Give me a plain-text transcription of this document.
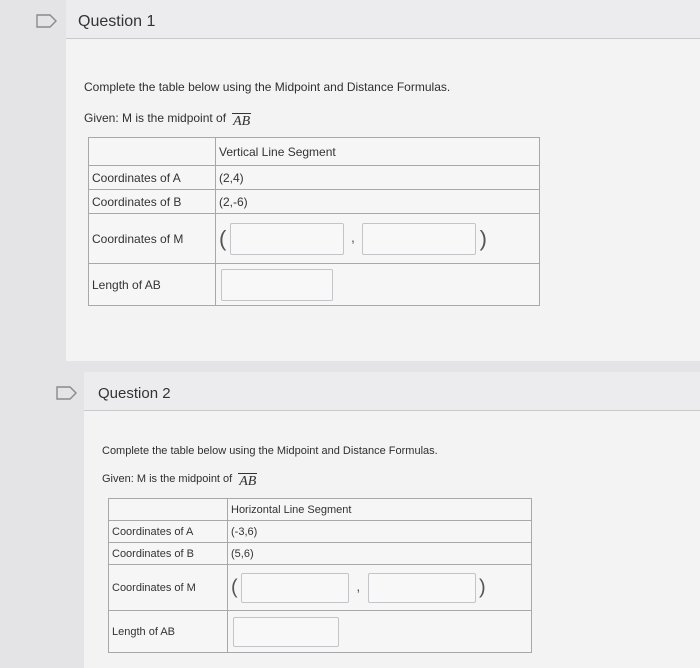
Question 1
Complete the table below using the Midpoint and Distance Formulas.
Given: M is the midpoint of AB
	Vertical Line Segment
Coordinates of A	(2,4)
Coordinates of B	(2,-6)
Coordinates of M	( , )
Length of AB	
Question 2
Complete the table below using the Midpoint and Distance Formulas.
Given: M is the midpoint of AB
	Horizontal Line Segment
Coordinates of A	(-3,6)
Coordinates of B	(5,6)
Coordinates of M	( , )
Length of AB	
